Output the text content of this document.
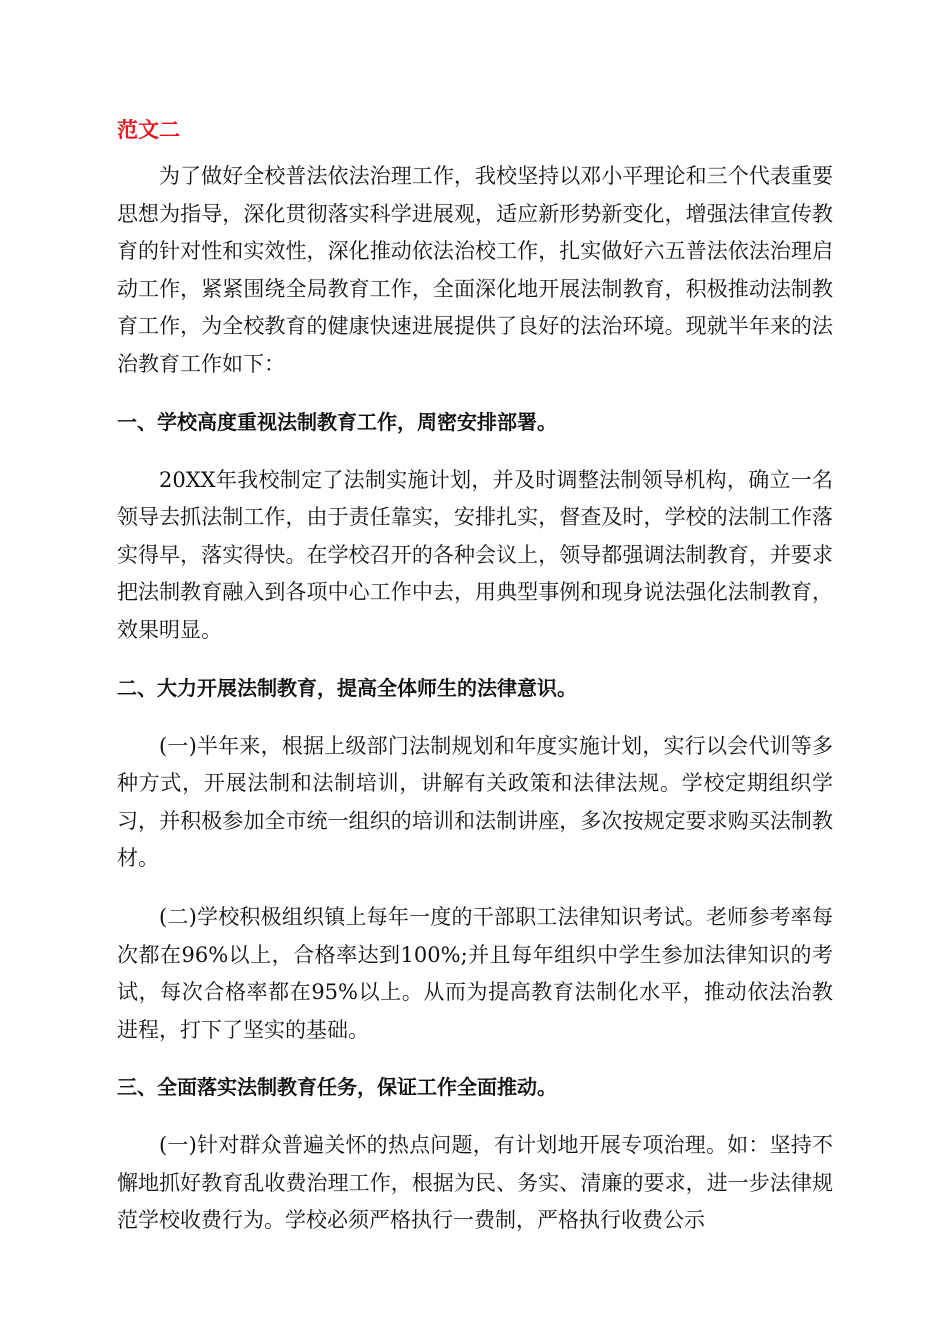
范文二

为了做好全校普法依法治理工作，我校坚持以邓小平理论和三个代表重要思想为指导，深化贯彻落实科学进展观，适应新形势新变化，增强法律宣传教育的针对性和实效性，深化推动依法治校工作，扎实做好六五普法依法治理启动工作，紧紧围绕全局教育工作，全面深化地开展法制教育，积极推动法制教育工作，为全校教育的健康快速进展提供了良好的法治环境。现就半年来的法治教育工作如下：

一、学校高度重视法制教育工作，周密安排部署。

20XX年我校制定了法制实施计划，并及时调整法制领导机构，确立一名领导去抓法制工作，由于责任靠实，安排扎实，督查及时，学校的法制工作落实得早，落实得快。在学校召开的各种会议上，领导都强调法制教育，并要求把法制教育融入到各项中心工作中去，用典型事例和现身说法强化法制教育，效果明显。

二、大力开展法制教育，提高全体师生的法律意识。

(一)半年来，根据上级部门法制规划和年度实施计划，实行以会代训等多种方式，开展法制和法制培训，讲解有关政策和法律法规。学校定期组织学习，并积极参加全市统一组织的培训和法制讲座，多次按规定要求购买法制教材。

(二)学校积极组织镇上每年一度的干部职工法律知识考试。老师参考率每次都在96%以上，合格率达到100%;并且每年组织中学生参加法律知识的考试，每次合格率都在95%以上。从而为提高教育法制化水平，推动依法治教进程，打下了坚实的基础。

三、全面落实法制教育任务，保证工作全面推动。

(一)针对群众普遍关怀的热点问题，有计划地开展专项治理。如：坚持不懈地抓好教育乱收费治理工作，根据为民、务实、清廉的要求，进一步法律规范学校收费行为。学校必须严格执行一费制，严格执行收费公示
